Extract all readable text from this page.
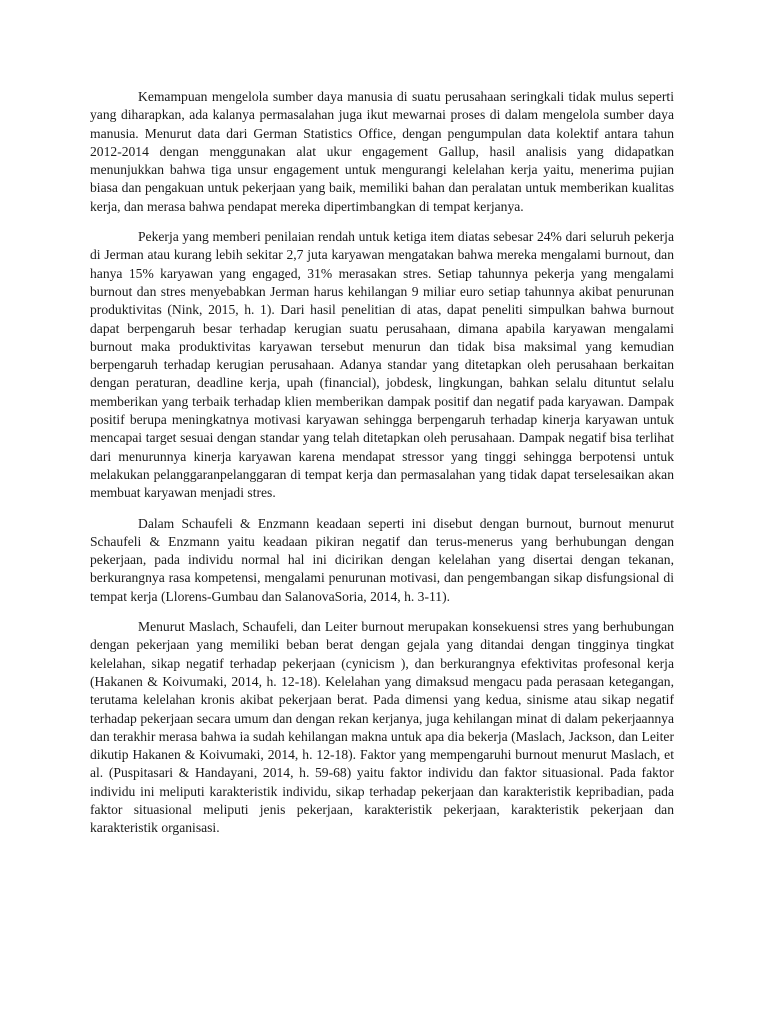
Kemampuan mengelola sumber daya manusia di suatu perusahaan seringkali tidak mulus seperti yang diharapkan, ada kalanya permasalahan juga ikut mewarnai proses di dalam mengelola sumber daya manusia. Menurut data dari German Statistics Office, dengan pengumpulan data kolektif antara tahun 2012-2014 dengan menggunakan alat ukur engagement Gallup, hasil analisis yang didapatkan menunjukkan bahwa tiga unsur engagement untuk mengurangi kelelahan kerja yaitu, menerima pujian biasa dan pengakuan untuk pekerjaan yang baik, memiliki bahan dan peralatan untuk memberikan kualitas kerja, dan merasa bahwa pendapat mereka dipertimbangkan di tempat kerjanya.

Pekerja yang memberi penilaian rendah untuk ketiga item diatas sebesar 24% dari seluruh pekerja di Jerman atau kurang lebih sekitar 2,7 juta karyawan mengatakan bahwa mereka mengalami burnout, dan hanya 15% karyawan yang engaged, 31% merasakan stres. Setiap tahunnya pekerja yang mengalami burnout dan stres menyebabkan Jerman harus kehilangan 9 miliar euro setiap tahunnya akibat penurunan produktivitas (Nink, 2015, h. 1). Dari hasil penelitian di atas, dapat peneliti simpulkan bahwa burnout dapat berpengaruh besar terhadap kerugian suatu perusahaan, dimana apabila karyawan mengalami burnout maka produktivitas karyawan tersebut menurun dan tidak bisa maksimal yang kemudian berpengaruh terhadap kerugian perusahaan. Adanya standar yang ditetapkan oleh perusahaan berkaitan dengan peraturan, deadline kerja, upah (financial), jobdesk, lingkungan, bahkan selalu dituntut selalu memberikan yang terbaik terhadap klien memberikan dampak positif dan negatif pada karyawan. Dampak positif berupa meningkatnya motivasi karyawan sehingga berpengaruh terhadap kinerja karyawan untuk mencapai target sesuai dengan standar yang telah ditetapkan oleh perusahaan. Dampak negatif bisa terlihat dari menurunnya kinerja karyawan karena mendapat stressor yang tinggi sehingga berpotensi untuk melakukan pelanggaranpelanggaran di tempat kerja dan permasalahan yang tidak dapat terselesaikan akan membuat karyawan menjadi stres.

Dalam Schaufeli & Enzmann keadaan seperti ini disebut dengan burnout, burnout menurut Schaufeli & Enzmann yaitu keadaan pikiran negatif dan terus-menerus yang berhubungan dengan pekerjaan, pada individu normal hal ini dicirikan dengan kelelahan yang disertai dengan tekanan, berkurangnya rasa kompetensi, mengalami penurunan motivasi, dan pengembangan sikap disfungsional di tempat kerja (Llorens-Gumbau dan SalanovaSoria, 2014, h. 3-11).

Menurut Maslach, Schaufeli, dan Leiter burnout merupakan konsekuensi stres yang berhubungan dengan pekerjaan yang memiliki beban berat dengan gejala yang ditandai dengan tingginya tingkat kelelahan, sikap negatif terhadap pekerjaan (cynicism ), dan berkurangnya efektivitas profesonal kerja (Hakanen & Koivumaki, 2014, h. 12-18). Kelelahan yang dimaksud mengacu pada perasaan ketegangan, terutama kelelahan kronis akibat pekerjaan berat. Pada dimensi yang kedua, sinisme atau sikap negatif terhadap pekerjaan secara umum dan dengan rekan kerjanya, juga kehilangan minat di dalam pekerjaannya dan terakhir merasa bahwa ia sudah kehilangan makna untuk apa dia bekerja (Maslach, Jackson, dan Leiter dikutip Hakanen & Koivumaki, 2014, h. 12-18). Faktor yang mempengaruhi burnout menurut Maslach, et al. (Puspitasari & Handayani, 2014, h. 59-68) yaitu faktor individu dan faktor situasional. Pada faktor individu ini meliputi karakteristik individu, sikap terhadap pekerjaan dan karakteristik kepribadian, pada faktor situasional meliputi jenis pekerjaan, karakteristik pekerjaan, karakteristik pekerjaan dan karakteristik organisasi.
